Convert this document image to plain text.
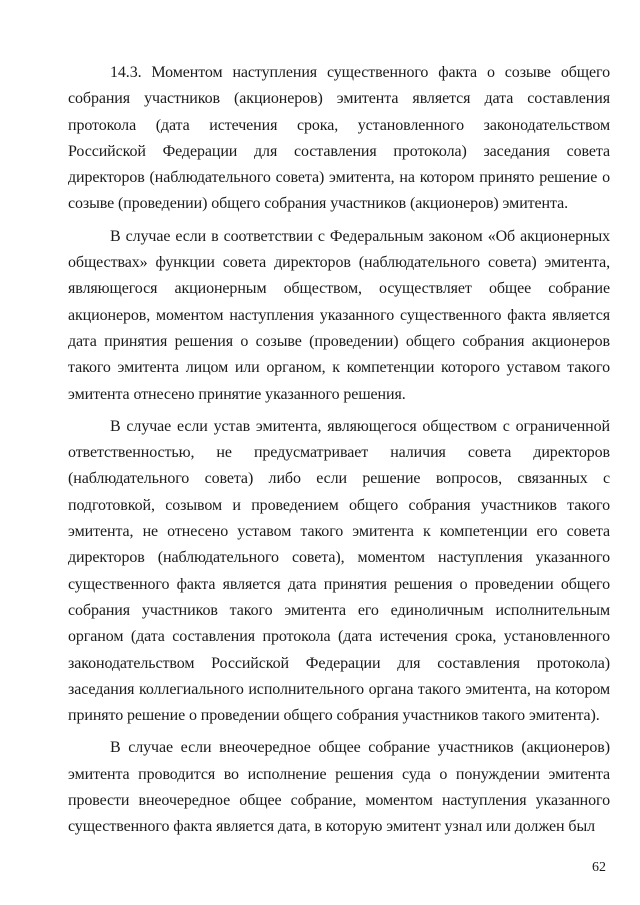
14.3. Моментом наступления существенного факта о созыве общего собрания участников (акционеров) эмитента является дата составления протокола (дата истечения срока, установленного законодательством Российской Федерации для составления протокола) заседания совета директоров (наблюдательного совета) эмитента, на котором принято решение о созыве (проведении) общего собрания участников (акционеров) эмитента.

В случае если в соответствии с Федеральным законом «Об акционерных обществах» функции совета директоров (наблюдательного совета) эмитента, являющегося акционерным обществом, осуществляет общее собрание акционеров, моментом наступления указанного существенного факта является дата принятия решения о созыве (проведении) общего собрания акционеров такого эмитента лицом или органом, к компетенции которого уставом такого эмитента отнесено принятие указанного решения.

В случае если устав эмитента, являющегося обществом с ограниченной ответственностью, не предусматривает наличия совета директоров (наблюдательного совета) либо если решение вопросов, связанных с подготовкой, созывом и проведением общего собрания участников такого эмитента, не отнесено уставом такого эмитента к компетенции его совета директоров (наблюдательного совета), моментом наступления указанного существенного факта является дата принятия решения о проведении общего собрания участников такого эмитента его единоличным исполнительным органом (дата составления протокола (дата истечения срока, установленного законодательством Российской Федерации для составления протокола) заседания коллегиального исполнительного органа такого эмитента, на котором принято решение о проведении общего собрания участников такого эмитента).

В случае если внеочередное общее собрание участников (акционеров) эмитента проводится во исполнение решения суда о понуждении эмитента провести внеочередное общее собрание, моментом наступления указанного существенного факта является дата, в которую эмитент узнал или должен был

62
